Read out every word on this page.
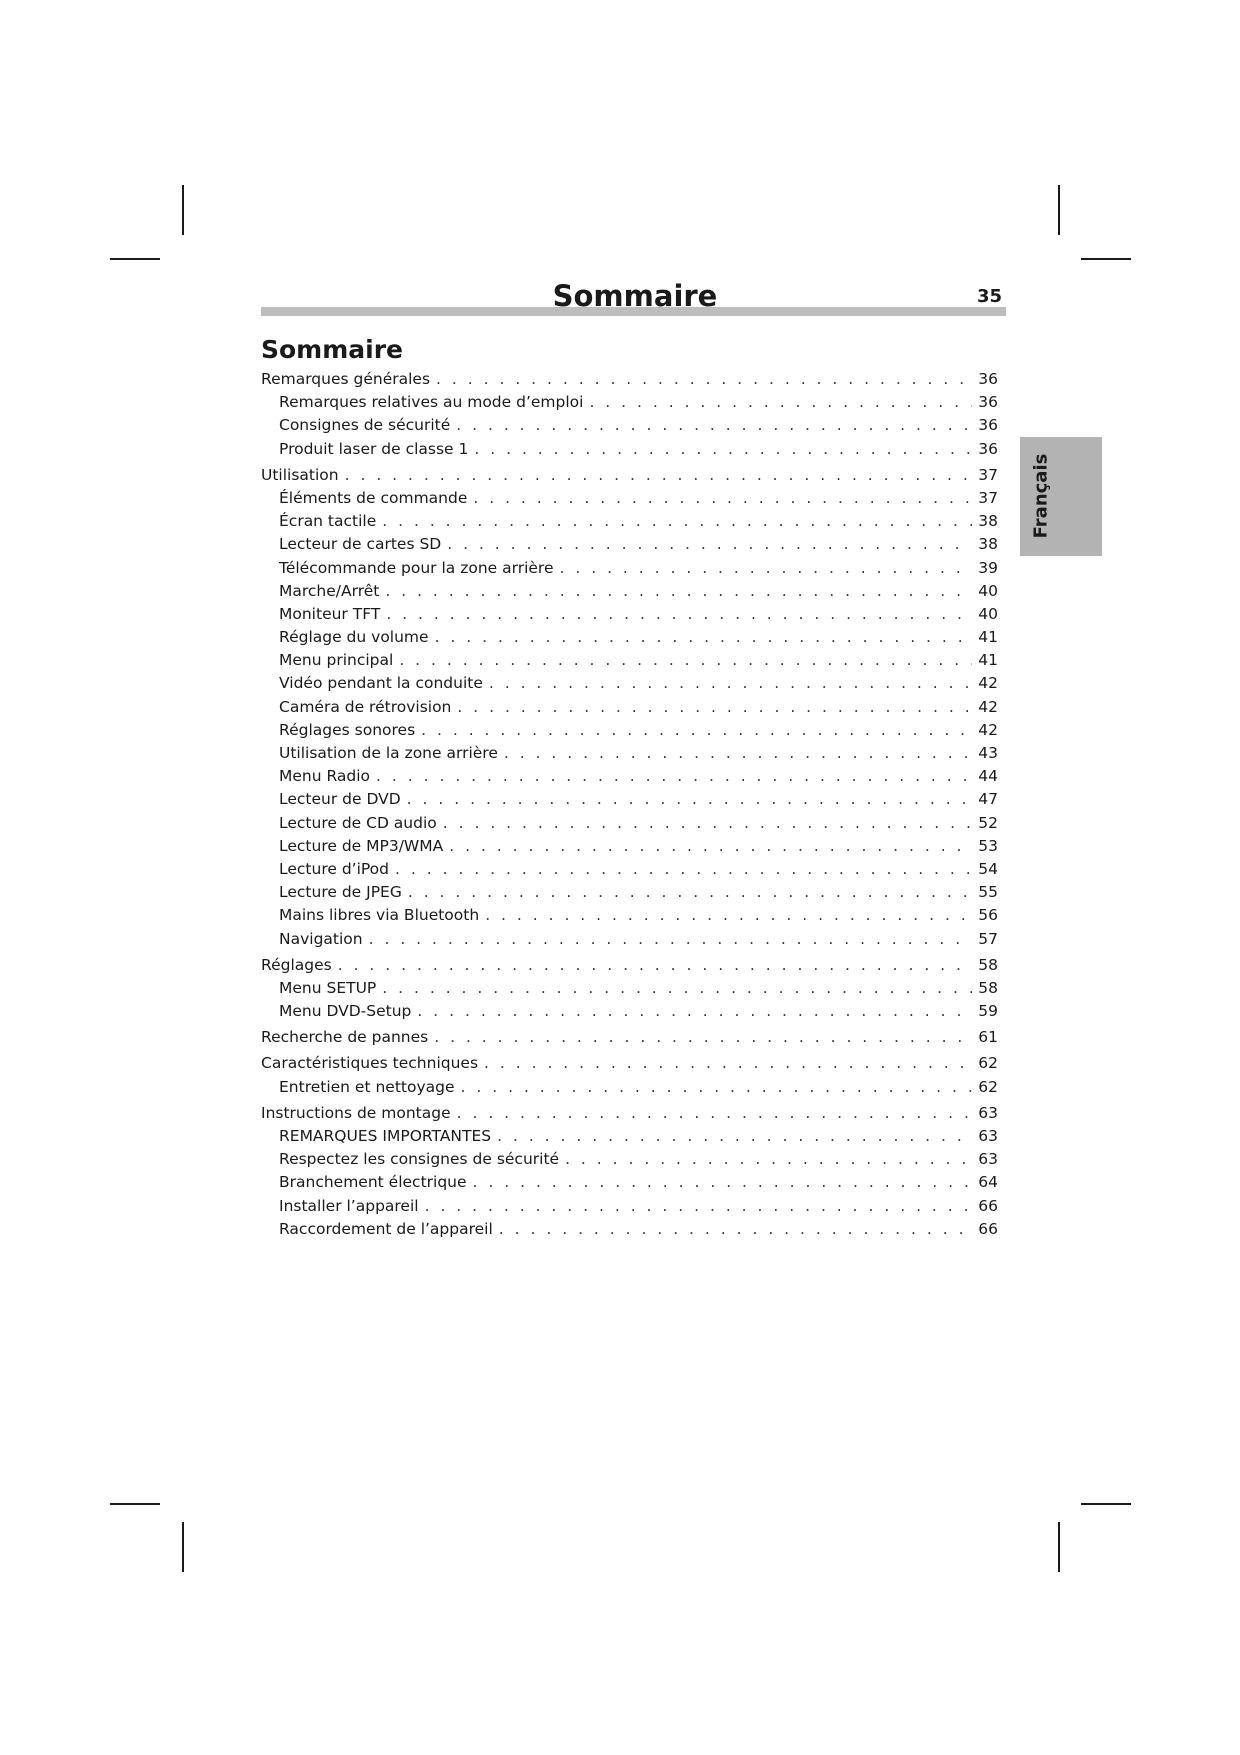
Sommaire	35
Français
Sommaire
Remarques générales . . .	36
Remarques relatives au mode d’emploi . . .	36
Consignes de sécurité . . .	36
Produit laser de classe 1 . . .	36
Utilisation . . .	37
Éléments de commande . . .	37
Écran tactile . . .	38
Lecteur de cartes SD . . .	38
Télécommande pour la zone arrière . . .	39
Marche/Arrêt . . .	40
Moniteur TFT . . .	40
Réglage du volume . . .	41
Menu principal . . .	41
Vidéo pendant la conduite . . .	42
Caméra de rétrovision . . .	42
Réglages sonores . . .	42
Utilisation de la zone arrière . . .	43
Menu Radio . . .	44
Lecteur de DVD . . .	47
Lecture de CD audio . . .	52
Lecture de MP3/WMA . . .	53
Lecture d’iPod . . .	54
Lecture de JPEG . . .	55
Mains libres via Bluetooth . . .	56
Navigation . . .	57
Réglages . . .	58
Menu SETUP . . .	58
Menu DVD-Setup . . .	59
Recherche de pannes . . .	61
Caractéristiques techniques . . .	62
Entretien et nettoyage . . .	62
Instructions de montage . . .	63
REMARQUES IMPORTANTES . . .	63
Respectez les consignes de sécurité . . .	63
Branchement électrique . . .	64
Installer l’appareil . . .	66
Raccordement de l’appareil . . .	66
